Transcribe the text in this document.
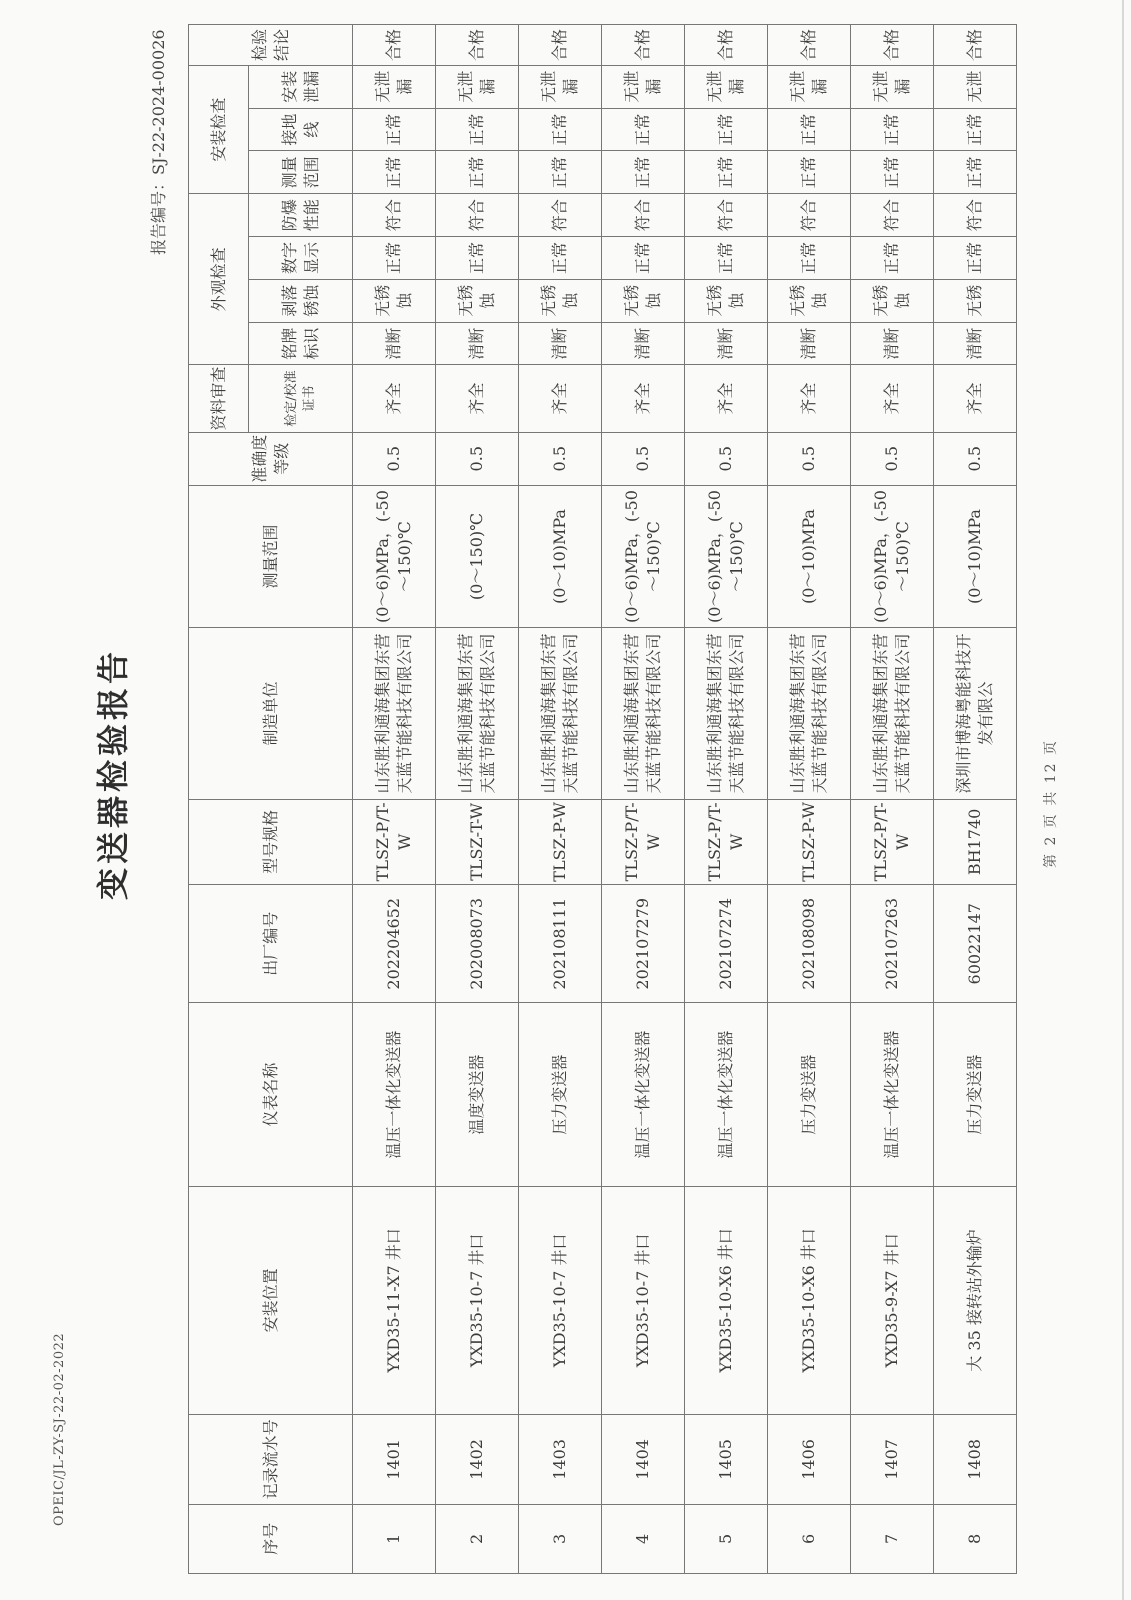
OPEIC/JL-ZY-SJ-22-02-2022
变送器检验报告
报告编号：SJ-22-2024-00026
序号	记录流水号	安装位置	仪表名称	出厂编号	型号规格	制造单位	测量范围	准确度等级	资料审查	外观检查				安装检查			检验结论
									检定/校准证书	铭牌标识	剥落锈蚀	数字显示	防爆性能	测量范围	接地线	安装泄漏	
1	1401	YXD35-11-X7 井口	温压一体化变送器	202204652	TLSZ-P/T-W	山东胜利通海集团东营天蓝节能科技有限公司	(0～6)MPa，(-50～150)℃	0.5	齐全	清断	无锈蚀	正常	符合	正常	正常	无泄漏	合格
2	1402	YXD35-10-7 井口	温度变送器	202008073	TLSZ-T-W	山东胜利通海集团东营天蓝节能科技有限公司	(0～150)℃	0.5	齐全	清断	无锈蚀	正常	符合	正常	正常	无泄漏	合格
3	1403	YXD35-10-7 井口	压力变送器	202108111	TLSZ-P-W	山东胜利通海集团东营天蓝节能科技有限公司	(0～10)MPa	0.5	齐全	清断	无锈蚀	正常	符合	正常	正常	无泄漏	合格
4	1404	YXD35-10-7 井口	温压一体化变送器	202107279	TLSZ-P/T-W	山东胜利通海集团东营天蓝节能科技有限公司	(0～6)MPa，(-50～150)℃	0.5	齐全	清断	无锈蚀	正常	符合	正常	正常	无泄漏	合格
5	1405	YXD35-10-X6 井口	温压一体化变送器	202107274	TLSZ-P/T-W	山东胜利通海集团东营天蓝节能科技有限公司	(0～6)MPa，(-50～150)℃	0.5	齐全	清断	无锈蚀	正常	符合	正常	正常	无泄漏	合格
6	1406	YXD35-10-X6 井口	压力变送器	202108098	TLSZ-P-W	山东胜利通海集团东营天蓝节能科技有限公司	(0～10)MPa	0.5	齐全	清断	无锈蚀	正常	符合	正常	正常	无泄漏	合格
7	1407	YXD35-9-X7 井口	温压一体化变送器	202107263	TLSZ-P/T-W	山东胜利通海集团东营天蓝节能科技有限公司	(0～6)MPa，(-50～150)℃	0.5	齐全	清断	无锈蚀	正常	符合	正常	正常	无泄漏	合格
8	1408	大 35 接转站外输炉	压力变送器	60022147	BH1740	深圳市博海粤能科技开发有限公	(0～10)MPa	0.5	齐全	清断	无锈	正常	符合	正常	正常	无泄	合格
第 2 页 共 12 页
